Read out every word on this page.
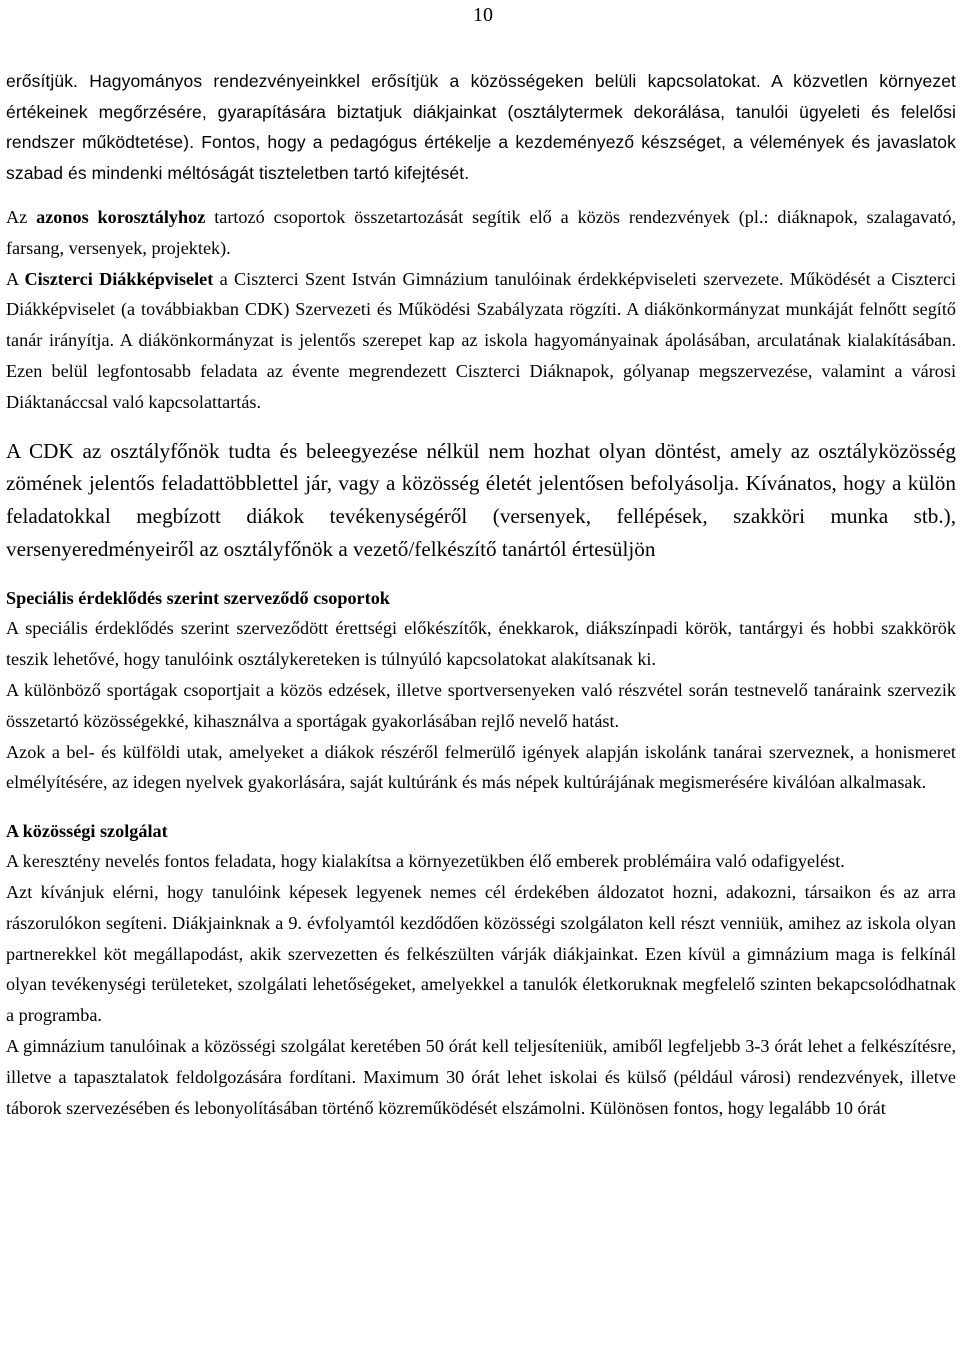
10

erősítjük. Hagyományos rendezvényeinkkel erősítjük a közösségeken belüli kapcsolatokat. A közvetlen környezet értékeinek megőrzésére, gyarapítására biztatjuk diákjainkat (osztálytermek dekorálása, tanulói ügyeleti és felelősi rendszer működtetése). Fontos, hogy a pedagógus értékelje a kezdeményező készséget, a vélemények és javaslatok szabad és mindenki méltóságát tiszteletben tartó kifejtését.

Az azonos korosztályhoz tartozó csoportok összetartozását segítik elő a közös rendezvények (pl.: diáknapok, szalagavató, farsang, versenyek, projektek).

A Ciszterci Diákképviselet a Ciszterci Szent István Gimnázium tanulóinak érdekképviseleti szervezete. Működését a Ciszterci Diákképviselet (a továbbiakban CDK) Szervezeti és Működési Szabályzata rögzíti. A diákönkormányzat munkáját felnőtt segítő tanár irányítja. A diákönkormányzat is jelentős szerepet kap az iskola hagyományainak ápolásában, arculatának kialakításában. Ezen belül legfontosabb feladata az évente megrendezett Ciszterci Diáknapok, gólyanap megszervezése, valamint a városi Diáktanáccsal való kapcsolattartás.

A CDK az osztályfőnök tudta és beleegyezése nélkül nem hozhat olyan döntést, amely az osztályközösség zömének jelentős feladattöbblettel jár, vagy a közösség életét jelentősen befolyásolja. Kívánatos, hogy a külön feladatokkal megbízott diákok tevékenységéről (versenyek, fellépések, szakköri munka stb.), versenyeredményeiről az osztályfőnök a vezető/felkészítő tanártól értesüljön

Speciális érdeklődés szerint szerveződő csoportok

A speciális érdeklődés szerint szerveződött érettségi előkészítők, énekkarok, diákszínpadi körök, tantárgyi és hobbi szakkörök teszik lehetővé, hogy tanulóink osztálykereteken is túlnyúló kapcsolatokat alakítsanak ki.

A különböző sportágak csoportjait a közös edzések, illetve sportversenyeken való részvétel során testnevelő tanáraink szervezik összetartó közösségekké, kihasználva a sportágak gyakorlásában rejlő nevelő hatást.

Azok a bel- és külföldi utak, amelyeket a diákok részéről felmerülő igények alapján iskolánk tanárai szerveznek, a honismeret elmélyítésére, az idegen nyelvek gyakorlására, saját kultúránk és más népek kultúrájának megismerésére kiválóan alkalmasak.

A közösségi szolgálat

A keresztény nevelés fontos feladata, hogy kialakítsa a környezetükben élő emberek problémáira való odafigyelést.

Azt kívánjuk elérni, hogy tanulóink képesek legyenek nemes cél érdekében áldozatot hozni, adakozni, társaikon és az arra rászorulókon segíteni. Diákjainknak a 9. évfolyamtól kezdődően közösségi szolgálaton kell részt venniük, amihez az iskola olyan partnerekkel köt megállapodást, akik szervezetten és felkészülten várják diákjainkat. Ezen kívül a gimnázium maga is felkínál olyan tevékenységi területeket, szolgálati lehetőségeket, amelyekkel a tanulók életkoruknak megfelelő szinten bekapcsolódhatnak a programba.

A gimnázium tanulóinak a közösségi szolgálat keretében 50 órát kell teljesíteniük, amiből legfeljebb 3-3 órát lehet a felkészítésre, illetve a tapasztalatok feldolgozására fordítani. Maximum 30 órát lehet iskolai és külső (például városi) rendezvények, illetve táborok szervezésében és lebonyolításában történő közreműködését elszámolni. Különösen fontos, hogy legalább 10 órát
